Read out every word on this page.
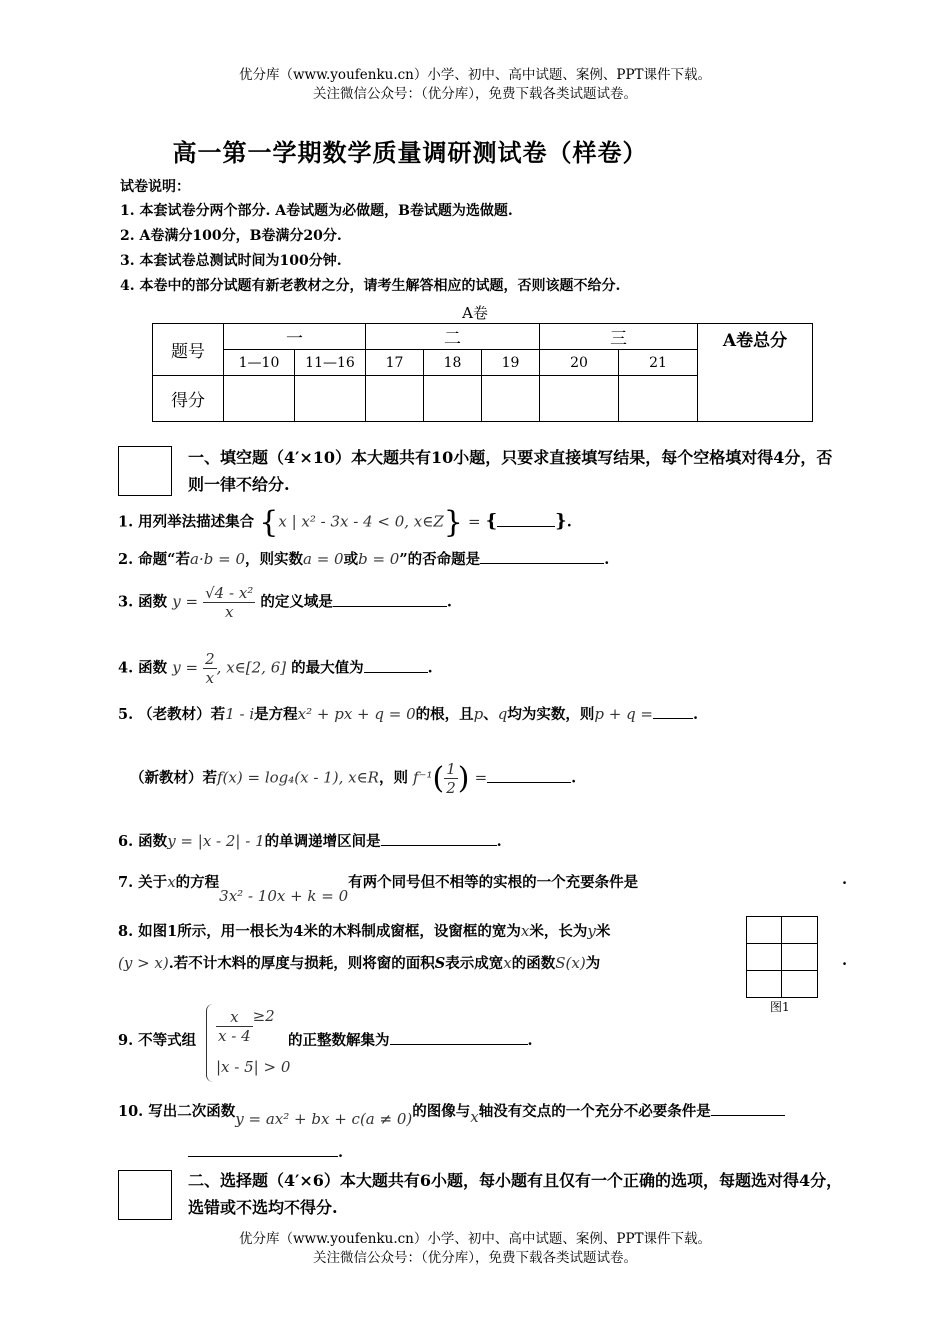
优分库（www.youfenku.cn）小学、初中、高中试题、案例、PPT课件下载。
关注微信公众号：（优分库），免费下载各类试题试卷。
高一第一学期数学质量调研测试卷（样卷）
试卷说明：
1. 本套试卷分两个部分. A卷试题为必做题，B卷试题为选做题.
2. A卷满分100分，B卷满分20分.
3. 本套试卷总测试时间为100分钟.
4. 本卷中的部分试题有新老教材之分，请考生解答相应的试题，否则该题不给分.
A卷
题号	一		二			三		A卷总分
	1—10	11—16	17	18	19	20	21	
得分								
一、填空题（4′×10）本大题共有10小题，只要求直接填写结果，每个空格填对得4分，否则一律不给分.
1. 用列举法描述集合 {x | x² - 3x - 4 < 0, x∈Z} = {	}.
2. 命题“若a·b = 0，则实数a = 0或b = 0”的否命题是	.
3. 函数 $y = \frac{\text{√4 - x²}}{x}$ 的定义域是	.
4. 函数 $y = \frac{2}{x}$ , x∈[2, 6] 的最大值为	.
5. （老教材）若1 - i是方程x² + px + q = 0的根，且p、q均为实数，则p + q =	.
（新教材）若f(x) = log₄(x - 1), x∈R，则 $f^{-1}( \frac{1}{2}$ ) =	.
6. 函数y = |x - 2| - 1的单调递增区间是	.
7. 关于x的方程3x² - 10x + k = 0有两个同号但不相等的实根的一个充要条件是	.
8. 如图1所示，用一根长为4米的木料制成窗框，设窗框的宽为x米，长为y米
(y > x).若不计木料的厚度与损耗，则将窗的面积S表示成宽x的函数S(x)为	.
图1
$\frac{x}{x - 4} \ge 2$
|x - 5| > 0
9. 不等式组	的正整数解集为	.
10. 写出二次函数y = ax² + bx + c(a ≠ 0)的图像与x轴没有交点的一个充分不必要条件是
.
二、选择题（4′×6）本大题共有6小题，每小题有且仅有一个正确的选项，每题选对得4分，选错或不选均不得分.
优分库（www.youfenku.cn）小学、初中、高中试题、案例、PPT课件下载。
关注微信公众号：（优分库），免费下载各类试题试卷。
